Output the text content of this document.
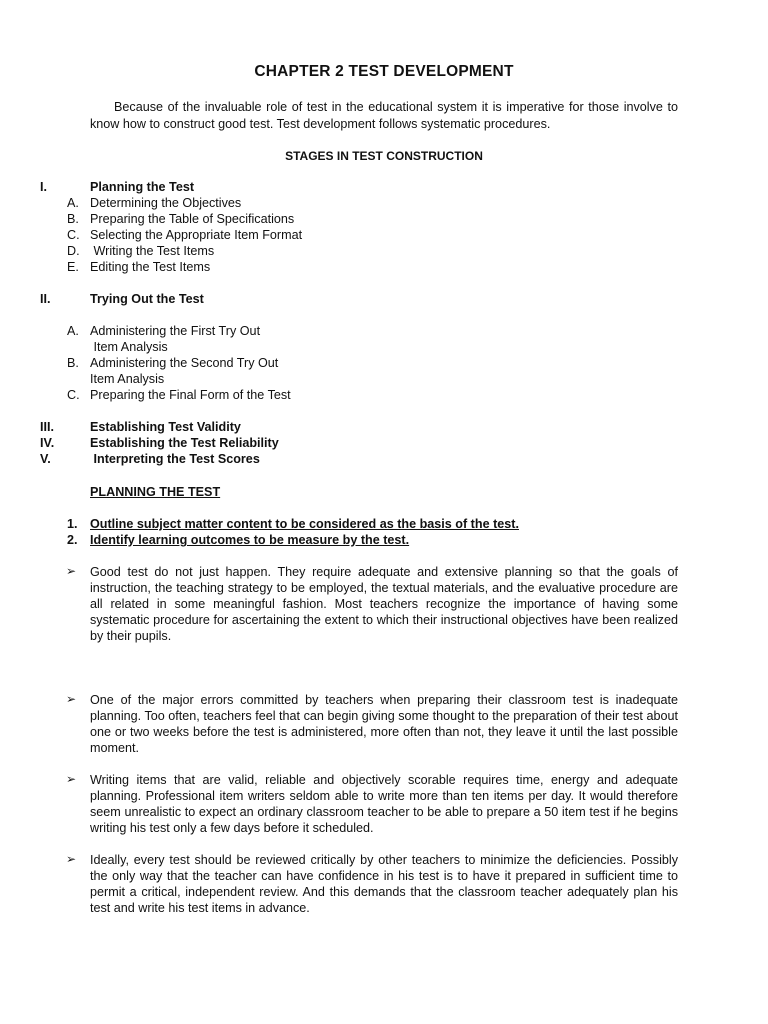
CHAPTER 2 TEST DEVELOPMENT
Because of the invaluable role of test in the educational system it is imperative for those involve to know how to construct good test. Test development follows systematic procedures.
STAGES IN TEST CONSTRUCTION
I.	Planning the Test
A. Determining the Objectives
B. Preparing the Table of Specifications
C. Selecting the Appropriate Item Format
D. Writing the Test Items
E. Editing the Test Items
II.	Trying Out the Test
A. Administering the First Try Out
Item Analysis
B. Administering the Second Try Out
Item Analysis
C. Preparing the Final Form of the Test
III.	Establishing Test Validity
IV.	Establishing the Test Reliability
V.	Interpreting the Test Scores
PLANNING THE TEST
1. Outline subject matter content to be considered as the basis of the test.
2. Identify learning outcomes to be measure by the test.
➢ Good test do not just happen. They require adequate and extensive planning so that the goals of instruction, the teaching strategy to be employed, the textual materials, and the evaluative procedure are all related in some meaningful fashion. Most teachers recognize the importance of having some systematic procedure for ascertaining the extent to which their instructional objectives have been realized by their pupils.
➢ One of the major errors committed by teachers when preparing their classroom test is inadequate planning. Too often, teachers feel that can begin giving some thought to the preparation of their test about one or two weeks before the test is administered, more often than not, they leave it until the last possible moment.
➢ Writing items that are valid, reliable and objectively scorable requires time, energy and adequate planning. Professional item writers seldom able to write more than ten items per day. It would therefore seem unrealistic to expect an ordinary classroom teacher to be able to prepare a 50 item test if he begins writing his test only a few days before it scheduled.
➢ Ideally, every test should be reviewed critically by other teachers to minimize the deficiencies. Possibly the only way that the teacher can have confidence in his test is to have it prepared in sufficient time to permit a critical, independent review. And this demands that the classroom teacher adequately plan his test and write his test items in advance.
